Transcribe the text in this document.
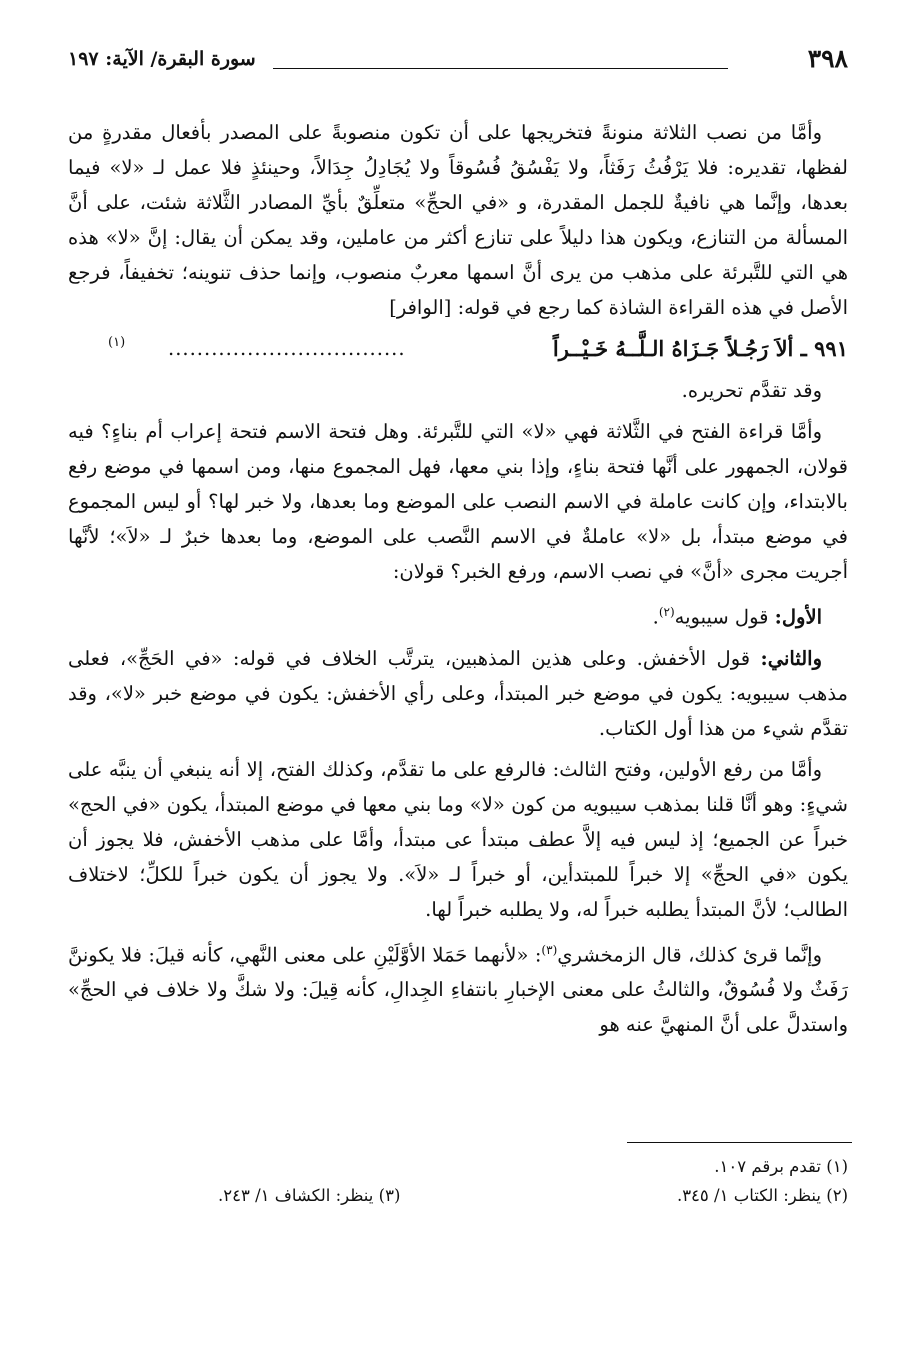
٣٩٨
سورة البقرة/ الآية: ١٩٧

وأمَّا من نصب الثلاثة منونةً فتخريجها على أن تكون منصوبةً على المصدر بأفعال مقدرةٍ من لفظها، تقديره: فلا يَرْفُثُ رَفَثاً، ولا يَفْسُقُ فُسُوقاً ولا يُجَادِلُ جِدَالاً، وحينئذٍ فلا عمل لـ «لا» فيما بعدها، وإنَّما هي نافيةٌ للجمل المقدرة، و «في الحجِّ» متعلِّقٌ بأيِّ المصادر الثَّلاثة شئت، على أنَّ المسألة من التنازع، ويكون هذا دليلاً على تنازع أكثر من عاملين، وقد يمكن أن يقال: إنَّ «لا» هذه هي التي للتَّبرئة على مذهب من يرى أنَّ اسمها معربٌ منصوب، وإنما حذف تنوينه؛ تخفيفاً، فرجع الأصل في هذه القراءة الشاذة كما رجع في قوله: [الوافر]

٩٩١ ـ ألاَ رَجُـلاً جَـزَاهُ الـلَّــهُ خَـيْــراً
.................................
(١)

وقد تقدَّم تحريره.

وأمَّا قراءة الفتح في الثَّلاثة فهي «لا» التي للتَّبرئة. وهل فتحة الاسم فتحة إعراب أم بناءٍ؟ فيه قولان، الجمهور على أنَّها فتحة بناءٍ، وإذا بني معها، فهل المجموع منها، ومن اسمها في موضع رفع بالابتداء، وإن كانت عاملة في الاسم النصب على الموضع وما بعدها، ولا خبر لها؟ أو ليس المجموع في موضع مبتدأ، بل «لا» عاملةٌ في الاسم النَّصب على الموضع، وما بعدها خبرٌ لـ «لاَ»؛ لأنَّها أجريت مجرى «أنَّ» في نصب الاسم، ورفع الخبر؟ قولان:

الأول: قول سيبويه$^{(٢)}$.

والثاني: قول الأخفش. وعلى هذين المذهبين، يترتَّب الخلاف في قوله: «في الحَجِّ»، فعلى مذهب سيبويه: يكون في موضع خبر المبتدأ، وعلى رأي الأخفش: يكون في موضع خبر «لا»، وقد تقدَّم شيء من هذا أول الكتاب.

وأمَّا من رفع الأولين، وفتح الثالث: فالرفع على ما تقدَّم، وكذلك الفتح، إلا أنه ينبغي أن ينبَّه على شيءٍ: وهو أنَّا قلنا بمذهب سيبويه من كون «لا» وما بني معها في موضع المبتدأ، يكون «في الحج» خبراً عن الجميع؛ إذ ليس فيه إلاَّ عطف مبتدأ عى مبتدأ، وأمَّا على مذهب الأخفش، فلا يجوز أن يكون «في الحجِّ» إلا خبراً للمبتدأين، أو خبراً لـ «لاَ». ولا يجوز أن يكون خبراً للكلِّ؛ لاختلاف الطالب؛ لأنَّ المبتدأ يطلبه خبراً له، ولا يطلبه خبراً لها.

وإنَّما قرئ كذلك، قال الزمخشري$^{(٣)}$: «لأنهما حَمَلا الأوَّلَيْنِ على معنى النَّهي، كأنه قيلَ: فلا يكوننَّ رَفَثٌ ولا فُسُوقٌ، والثالثُ على معنى الإخبارِ بانتفاءِ الجِدالِ، كأنه قِيلَ: ولا شكَّ ولا خلاف في الحجِّ» واستدلَّ على أنَّ المنهيَّ عنه هو

(١) تقدم برقم ١٠٧.
(٢) ينظر: الكتاب ١/ ٣٤٥.
(٣) ينظر: الكشاف ١/ ٢٤٣.
